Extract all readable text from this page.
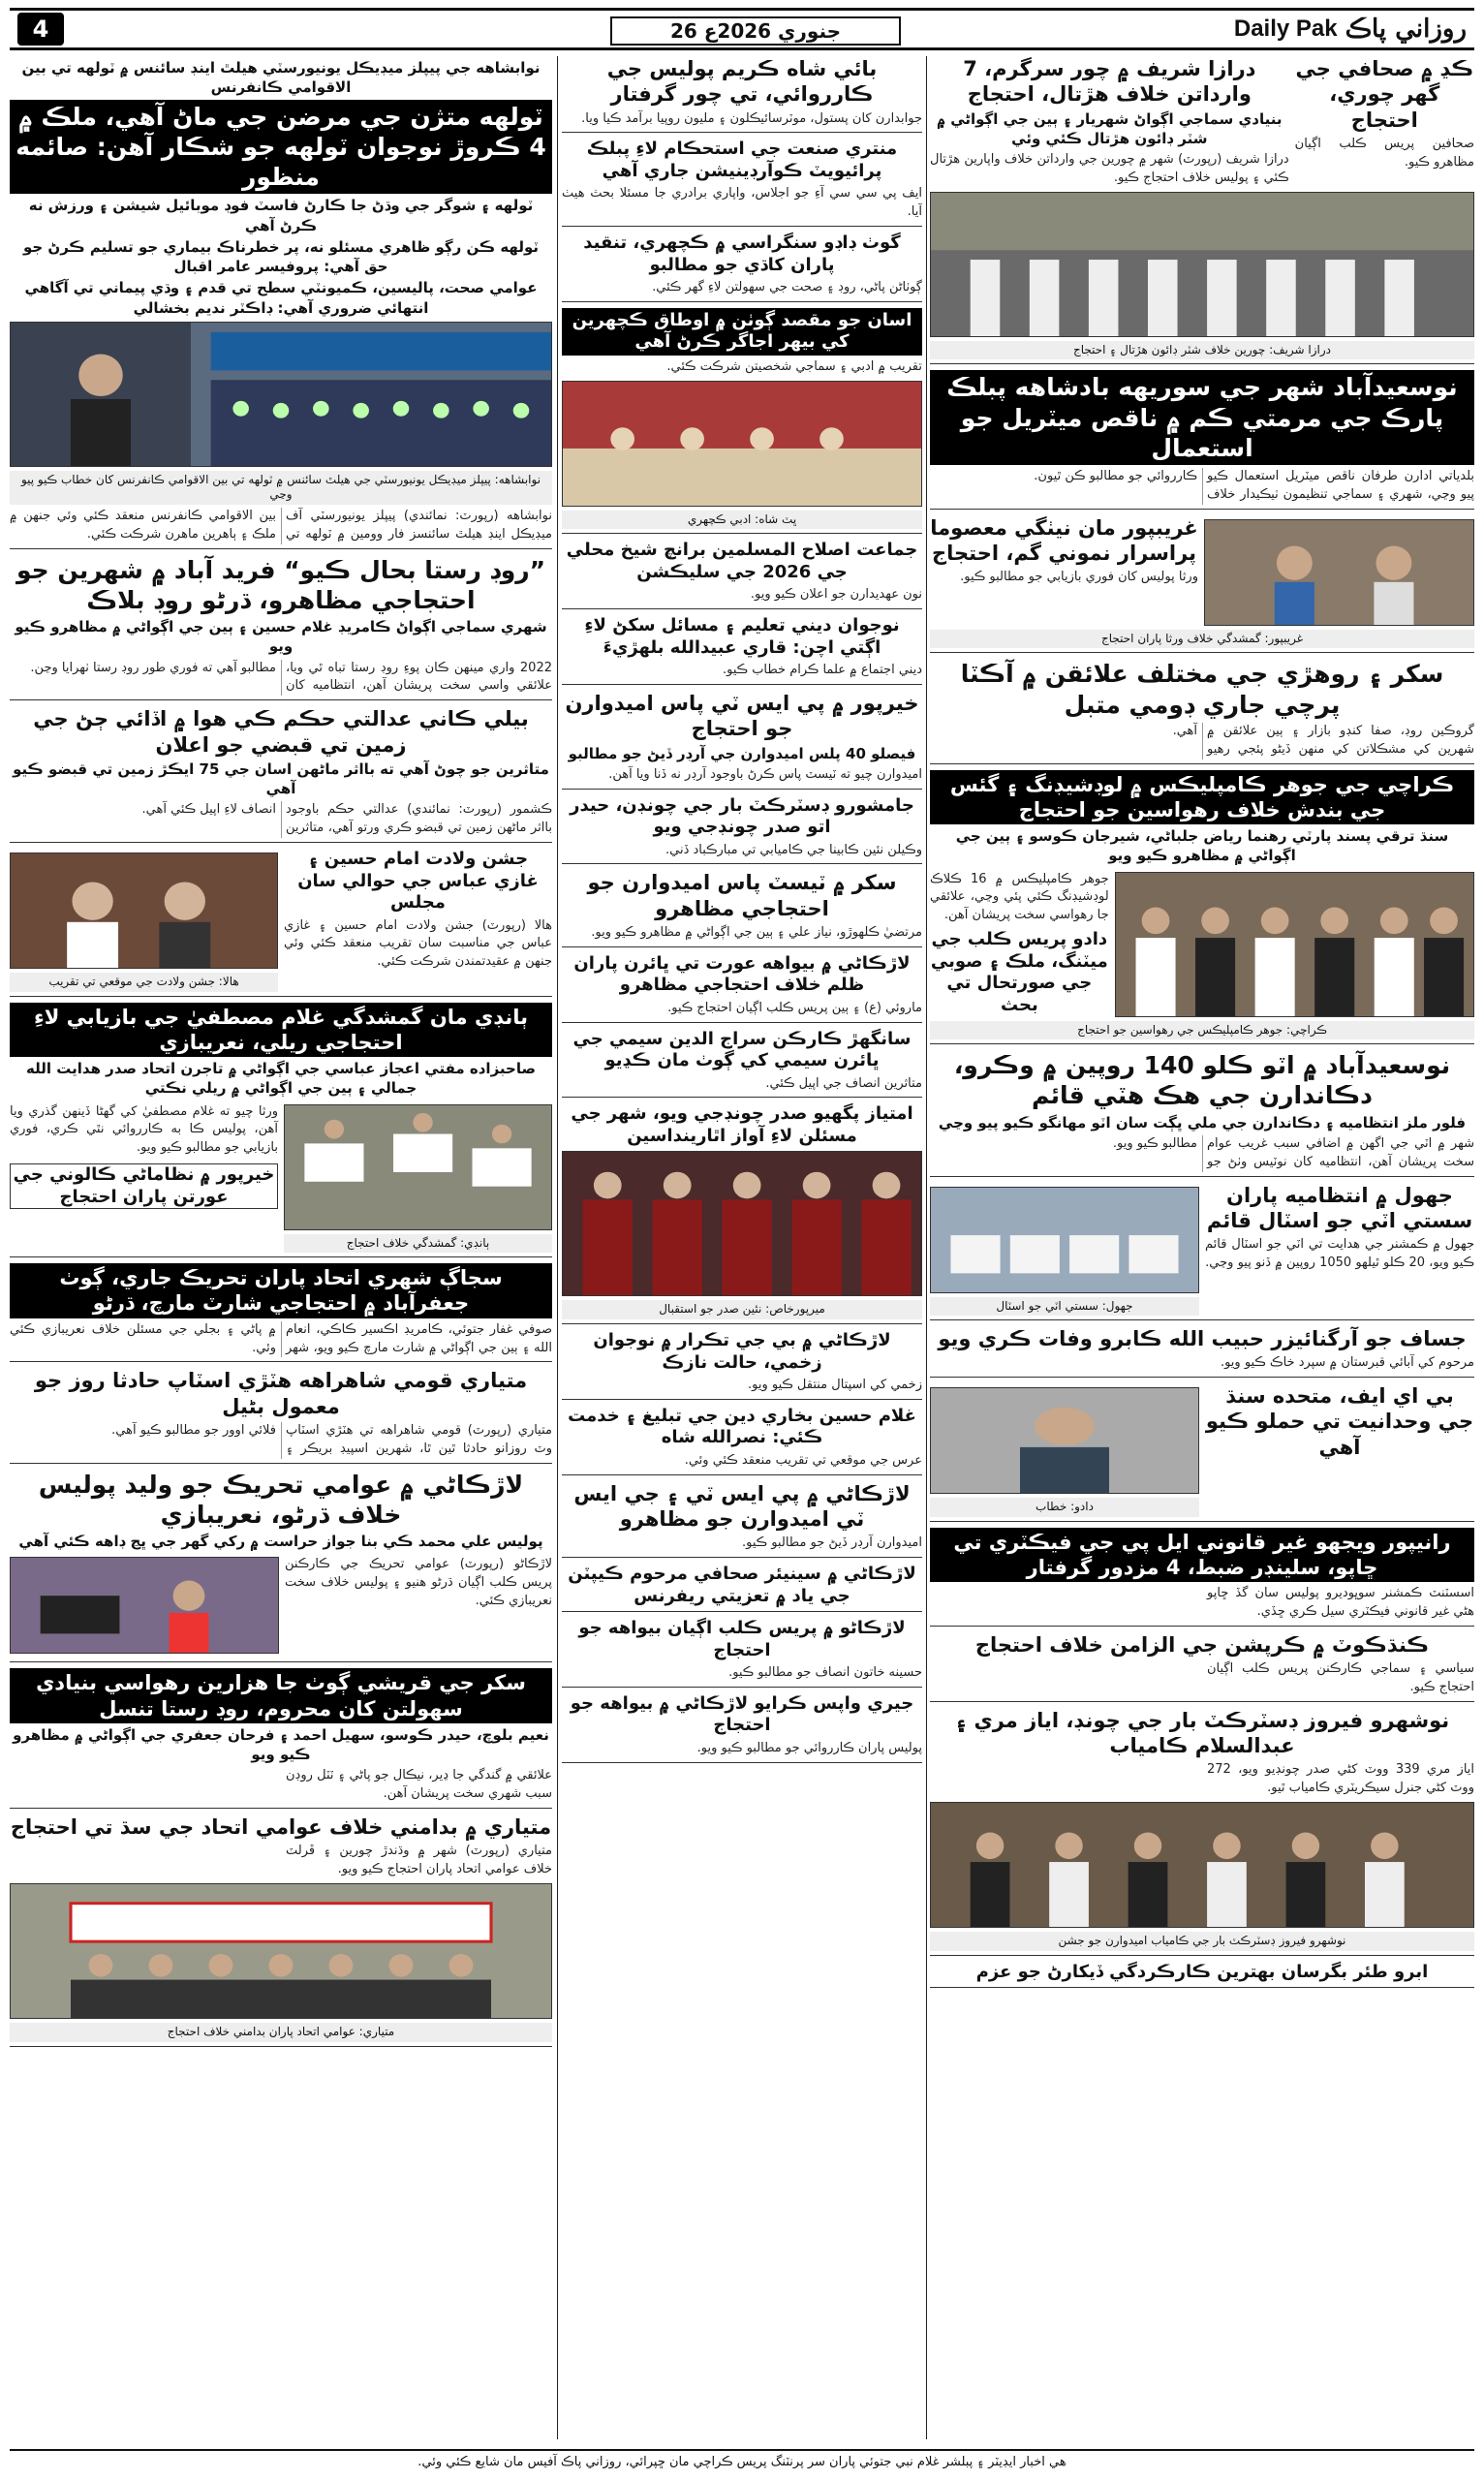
4	26 جنوري 2026ع	Daily Pak روزاني پاڪ
نوابشاهه جي پيپلز ميڊيڪل يونيورسٽي هيلٿ اينڊ سائنس ۾ ٽولهه تي بين الاقوامي ڪانفرنس
ٽولهه متژن جي مرضن جي ماڻ آهي، ملڪ ۾ 4 ڪروڙ نوجوان ٽولهه جو شڪار آهن: صائمه منظور
ٽولهه ۽ شوگر جي وڌڻ جا ڪارڻ فاسٽ فوڊ موبائيل شيشن ۽ ورزش نه ڪرڻ آهي
ٽولهه ڪن رڳو ظاهري مسئلو نه، پر خطرناڪ بيماري جو تسليم ڪرڻ جو حق آهي: پروفيسر عامر اقبال
عوامي صحت، پاليسين، ڪميونٽي سطح تي قدم ۽ وڌي پيماني تي آگاهي انتهائي ضروري آهي: ڊاڪٽر نديم بخشالي
نوابشاهه: پيپلز ميڊيڪل يونيورسٽي جي هيلٿ سائنس ۾ ٽولهه تي بين الاقوامي ڪانفرنس کان خطاب ڪيو پيو وڃي
نوابشاهه (رپورٽ: نمائندي) پيپلز يونيورسٽي آف ميڊيڪل اينڊ هيلٿ سائنسز فار وومين ۾ ٽولهه تي بين الاقوامي ڪانفرنس منعقد ڪئي وئي جنهن ۾ ملڪ ۽ ٻاهرين ماهرن شرڪت ڪئي.
”روڊ رستا بحال ڪيو“ فريد آباد ۾ شهرين جو احتجاجي مظاهرو، ڌرڻو روڊ بلاڪ
شهري سماجي اڳواڻ ڪامريڊ غلام حسين ۽ ٻين جي اڳواڻي ۾ مظاهرو ڪيو ويو
2022 واري مينهن ڪان پوءِ روڊ رستا تباه ٿي ويا، علائقي واسي سخت پريشان آهن، انتظاميه کان مطالبو آهي ته فوري طور روڊ رستا ٺهرايا وڃن.
بيلي ڪاني عدالتي حڪم ڪي هوا ۾ اڏائي ڄڻ جي زمين تي قبضي جو اعلان
متاثرين جو چوڻ آهي ته بااثر ماڻهن اسان جي 75 ايڪڙ زمين تي قبضو ڪيو آهي
ڪشمور (رپورٽ: نمائندي) عدالتي حڪم باوجود بااثر ماڻهن زمين تي قبضو ڪري ورتو آهي، متاثرين انصاف لاءِ اپيل ڪئي آهي.
جشن ولادت امام حسين ۽ غازي عباس جي حوالي سان مجلس
هالا (رپورٽ) جشن ولادت امام حسين ۽ غازي عباس جي مناسبت سان تقريب منعقد ڪئي وئي جنهن ۾ عقيدتمندن شرڪت ڪئي.
هالا: جشن ولادت جي موقعي تي تقريب
ٻانڊي مان گمشدگي غلام مصطفيٰ جي بازيابي لاءِ احتجاجي ريلي، نعريبازي
صاحبزاده مفتي اعجاز عباسي جي اڳواڻي ۾ تاجرن اتحاد صدر هدايت الله جمالي ۽ ٻين جي اڳواڻي ۾ ريلي نڪتي
ٻانڊي: گمشدگي خلاف احتجاج
ورثا چيو ته غلام مصطفيٰ کي گهڻا ڏينهن گذري ويا آهن، پوليس ڪا به ڪارروائي نٿي ڪري، فوري بازيابي جو مطالبو ڪيو ويو.
خيرپور ۾ نظاماڻي ڪالوني جي عورتن پاران احتجاج
سجاڳ شهري اتحاد پاران تحريڪ جاري، ڳوٺ جعفرآباد ۾ احتجاجي شارٽ مارچ، ڌرڻو
صوفي غفار جتوئي، ڪامريڊ اڪسير ڪاڪي، انعام الله ۽ ٻين جي اڳواڻي ۾ شارٽ مارچ ڪيو ويو، شهر ۾ پاڻي ۽ بجلي جي مسئلن خلاف نعريبازي ڪئي وئي.
متياري قومي شاهراهه هٽڙي اسٽاپ حادثا روز جو معمول بڻيل
متياري (رپورٽ) قومي شاهراهه تي هٽڙي اسٽاپ وٽ روزانو حادثا ٿين ٿا، شهرين اسپيڊ بريڪر ۽ فلائي اوور جو مطالبو ڪيو آهي.
لاڙڪاڻي ۾ عوامي تحريڪ جو وليد پوليس خلاف ڌرڻو، نعريبازي
پوليس علي محمد ڪي بنا جواز حراست ۾ رکي گهر جي ڀڃ ڊاهه ڪئي آهي
لاڙڪاڻو (رپورٽ) عوامي تحريڪ جي ڪارڪنن پريس ڪلب اڳيان ڌرڻو هنيو ۽ پوليس خلاف سخت نعريبازي ڪئي.
سکر جي قريشي ڳوٺ جا هزارين رهواسي بنيادي سهولتن کان محروم، روڊ رستا تنسل
نعيم بلوچ، حيدر ڪوسو، سهيل احمد ۽ فرحان جعفري جي اڳواڻي ۾ مظاهرو ڪيو ويو
علائقي ۾ گندگي جا ڍير، نيڪال جو پاڻي ۽ ٽٽل روڊن سبب شهري سخت پريشان آهن.
متياري ۾ بدامني خلاف عوامي اتحاد جي سڌ تي احتجاج
متياري (رپورٽ) شهر ۾ وڌندڙ چورين ۽ ڦرلٽ خلاف عوامي اتحاد پاران احتجاج ڪيو ويو.
متياري: عوامي اتحاد پاران بدامني خلاف احتجاج
بائي شاه ڪريم پوليس جي ڪارروائي، تي چور گرفتار
جوابدارن کان پستول، موٽرسائيڪلون ۽ مليون روپيا برآمد ڪيا ويا.
منتري صنعت جي استحڪام لاءِ پبلڪ پرائيويٽ ڪوآرڊينيشن جاري آهي
ايف پي سي سي آءِ جو اجلاس، واپاري برادري جا مسئلا بحث هيٺ آيا.
گوٺ ڊاڊو سنگراسي ۾ ڪچهري، تنقيد پاران کاڌي جو مطالبو
ڳوٺاڻن پاڻي، روڊ ۽ صحت جي سهولتن لاءِ گهر ڪئي.
اسان جو مقصد ڳوٺن ۾ اوطاق ڪچهرين کي بيهر اجاگر ڪرڻ آهي
تقريب ۾ ادبي ۽ سماجي شخصيتن شرڪت ڪئي.
ڀٽ شاه: ادبي ڪچهري
جماعت اصلاح المسلمين برانچ شيخ محلي جي 2026 جي سليڪشن
نون عهديدارن جو اعلان ڪيو ويو.
نوجوان ديني تعليم ۽ مسائل سکڻ لاءِ اڳتي اچن: قاري عبيدالله بلهڙيءَ
ديني اجتماع ۾ علما ڪرام خطاب ڪيو.
خيرپور ۾ پي ايس ٽي پاس اميدوارن جو احتجاج
فيصلو 40 پلس اميدوارن جي آرڊر ڏيڻ جو مطالبو
اميدوارن چيو ته ٽيسٽ پاس ڪرڻ باوجود آرڊر نه ڏنا ويا آهن.
جامشورو ڊسٽرڪٽ بار جي چونڊن، حيدر اتو صدر چونڊجي ويو
وڪيلن نئين ڪابينا جي ڪاميابي تي مبارڪباد ڏني.
سکر ۾ ٽيسٽ پاس اميدوارن جو احتجاجي مظاهرو
مرتضيٰ ڪلهوڙو، نياز علي ۽ ٻين جي اڳواڻي ۾ مظاهرو ڪيو ويو.
لاڙڪاڻي ۾ بيواهه عورت تي ڀائرن پاران ظلم خلاف احتجاجي مظاهرو
ماروئي (ع) ۽ ٻين پريس ڪلب اڳيان احتجاج ڪيو.
سانگهڙ ڪارڪن سراج الدين سيمي جي ڀائرن سيمي کي ڳوٺ مان ڪڍيو
متاثرين انصاف جي اپيل ڪئي.
امتياز پگهيو صدر چونڊجي ويو، شهر جي مسئلن لاءِ آواز اٿارينداسين
ميرپورخاص: نئين صدر جو استقبال
لاڙڪاڻي ۾ بي جي تڪرار ۾ نوجوان زخمي، حالت نازڪ
زخمي کي اسپتال منتقل ڪيو ويو.
غلام حسين بخاري دين جي تبليغ ۽ خدمت ڪئي: نصرالله شاه
عرس جي موقعي تي تقريب منعقد ڪئي وئي.
لاڙڪاڻي ۾ پي ايس ٽي ۽ جي ايس ٽي اميدوارن جو مظاهرو
اميدوارن آرڊر ڏيڻ جو مطالبو ڪيو.
لاڙڪاڻي ۾ سينيئر صحافي مرحوم ڪيپٽن جي ياد ۾ تعزيتي ريفرنس
لاڙڪاڻو ۾ پريس ڪلب اڳيان بيواهه جو احتجاج
حسينه خاتون انصاف جو مطالبو ڪيو.
جيري واپس ڪرايو لاڙڪاڻي ۾ بيواهه جو احتجاج
پوليس پاران ڪارروائي جو مطالبو ڪيو ويو.
ڪڍ ۾ صحافي جي گهر چوري، احتجاج
صحافين پريس ڪلب اڳيان مظاهرو ڪيو.
درازا شريف ۾ چور سرگرم، 7 وارداتن خلاف هڙتال، احتجاج
بنيادي سماجي اڳواڻ شهريار ۽ ٻين جي اڳواڻي ۾ شٽر ڊائون هڙتال ڪئي وئي
درازا شريف (رپورٽ) شهر ۾ چورين جي وارداتن خلاف واپارين هڙتال ڪئي ۽ پوليس خلاف احتجاج ڪيو.
درازا شريف: چورين خلاف شٽر ڊائون هڙتال ۽ احتجاج
نوسعيدآباد شهر جي سوريهه بادشاهه پبلڪ پارڪ جي مرمتي ڪم ۾ ناقص ميٽريل جو استعمال
بلدياتي ادارن طرفان ناقص ميٽريل استعمال ڪيو پيو وڃي، شهري ۽ سماجي تنظيمون ٺيڪيدار خلاف ڪارروائي جو مطالبو ڪن ٿيون.
غريبپور مان نيٺگي معصوما پراسرار نموني گم، احتجاج
ورثا پوليس کان فوري بازيابي جو مطالبو ڪيو.
غريبپور: گمشدگي خلاف ورثا پاران احتجاج
سکر ۽ روهڙي جي مختلف علائقن ۾ آڪٽا پرچي جاري ڊومي متبل
گروڪين روڊ، صفا کنڊو بازار ۽ ٻين علائقن ۾ شهرين کي مشڪلاتن کي منهن ڏيڻو پئجي رهيو آهي.
ڪراچي جي جوهر ڪامپليڪس ۾ لوڊشيڊنگ ۽ گئس جي بندش خلاف رهواسين جو احتجاج
سنڌ ترقي پسند پارٽي رهنما رياض جلباڻي، شيرجان ڪوسو ۽ ٻين جي اڳواڻي ۾ مظاهرو ڪيو ويو
جوهر ڪامپليڪس ۾ 16 ڪلاڪ لوڊشيڊنگ ڪئي پئي وڃي، علائقي جا رهواسي سخت پريشان آهن.
دادو پريس ڪلب جي ميٽنگ، ملڪ ۽ صوبي جي صورتحال تي بحث
ڪراچي: جوهر ڪامپليڪس جي رهواسين جو احتجاج
نوسعيدآباد ۾ اٽو ڪلو 140 روپين ۾ وڪرو، دڪاندارن جي هڪ هٽي قائم
فلور ملز انتظاميه ۽ دڪاندارن جي ملي ڀڳت سان اٽو مهانگو ڪيو پيو وڃي
شهر ۾ اٽي جي اگهن ۾ اضافي سبب غريب عوام سخت پريشان آهن، انتظاميه کان نوٽيس وٺڻ جو مطالبو ڪيو ويو.
جهول ۾ انتظاميه پاران سستي اٽي جو اسٽال قائم
جهول ۾ ڪمشنر جي هدايت تي اٽي جو اسٽال قائم ڪيو ويو، 20 ڪلو ٿيلهو 1050 روپين ۾ ڏنو پيو وڃي.
جهول: سستي اٽي جو اسٽال
جساف جو آرگنائيزر حبيب الله ڪابرو وفات ڪري ويو
مرحوم کي آبائي قبرستان ۾ سپرد خاڪ ڪيو ويو.
بي اي ايف، متحده سنڌ جي وحدانيت تي حملو ڪيو آهي
دادو: خطاب
رانيپور ويجهو غير قانوني ايل پي جي فيڪٽري تي ڇاپو، سلينڊر ضبط، 4 مزدور گرفتار
اسسٽنٽ ڪمشنر سوڀوديرو پوليس سان گڏ ڇاپو هڻي غير قانوني فيڪٽري سيل ڪري ڇڏي.
ڪنڌڪوٽ ۾ ڪرپشن جي الزامن خلاف احتجاج
سياسي ۽ سماجي ڪارڪنن پريس ڪلب اڳيان احتجاج ڪيو.
نوشهرو فيروز ڊسٽرڪٽ بار جي چونڊ، اياز مري ۽ عبدالسلام ڪامياب
اياز مري 339 ووٽ کڻي صدر چونڊيو ويو، 272 ووٽ کڻي جنرل سيڪريٽري ڪامياب ٿيو.
نوشهرو فيروز ڊسٽرڪٽ بار جي ڪامياب اميدوارن جو جشن
ابرو طئر بگرسان بهترين ڪارڪردگي ڏيکارڻ جو عزم
هي اخبار ايڊيٽر ۽ پبلشر غلام نبي جتوئي پاران سر پرنٽنگ پريس ڪراچي مان ڇپرائي، روزاني پاڪ آفيس مان شايع ڪئي وئي.
